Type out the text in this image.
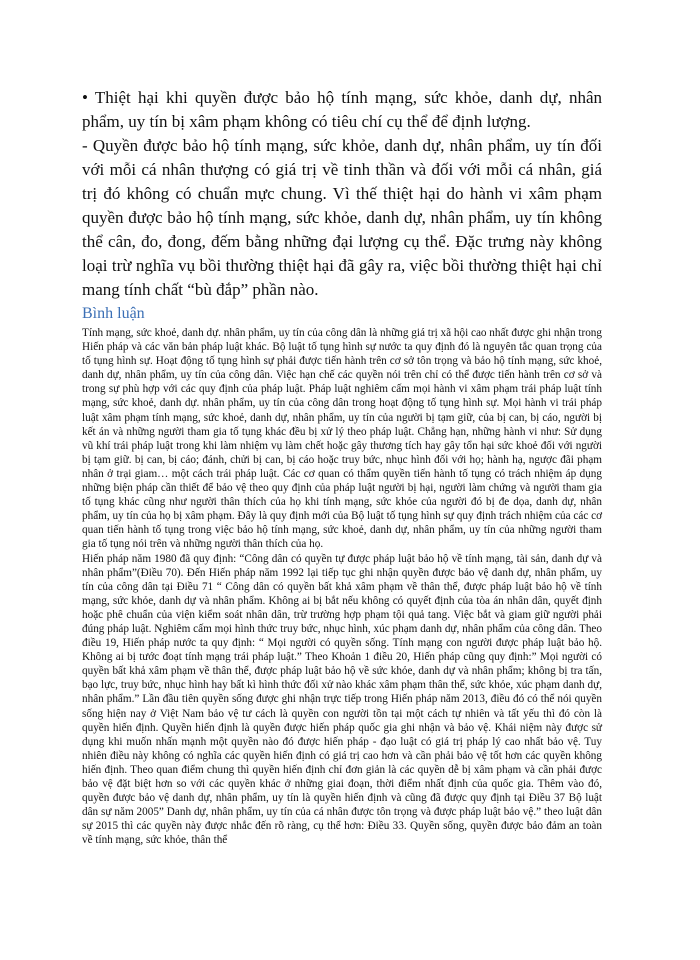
• Thiệt hại khi quyền được bảo hộ tính mạng, sức khỏe, danh dự, nhân phẩm, uy tín bị xâm phạm không có tiêu chí cụ thể để định lượng.

- Quyền được bảo hộ tính mạng, sức khỏe, danh dự, nhân phẩm, uy tín đối với mỗi cá nhân thượng có giá trị về tinh thần và đối với mỗi cá nhân, giá trị đó không có chuẩn mực chung. Vì thế thiệt hại do hành vi xâm phạm quyền được bảo hộ tính mạng, sức khỏe, danh dự, nhân phẩm, uy tín không thể cân, đo, đong, đếm bằng những đại lượng cụ thể. Đặc trưng này không loại trừ nghĩa vụ bồi thường thiệt hại đã gây ra, việc bồi thường thiệt hại chỉ mang tính chất “bù đắp” phần nào.

Bình luận

Tính mạng, sức khoẻ, danh dự. nhân phẩm, uy tín của công dân là những giá trị xã hội cao nhất được ghi nhận trong Hiến pháp và các văn bản pháp luật khác. Bộ luật tố tụng hình sự nước ta quy định đó là nguyên tắc quan trọng của tố tụng hình sự. Hoạt động tố tụng hình sự phải được tiến hành trên cơ sở tôn trọng và bảo hộ tính mạng, sức khoẻ, danh dự, nhân phẩm, uy tín của công dân. Việc hạn chế các quyền nói trên chỉ có thể được tiến hành trên cơ sở và trong sự phù hợp với các quy định của pháp luật. Pháp luật nghiêm cấm mọi hành vi xâm phạm trái pháp luật tính mạng, sức khoẻ, danh dự. nhân phẩm, uy tín của công dân trong hoạt động tố tụng hình sự. Mọi hành vi trái pháp luật xâm phạm tính mạng, sức khoẻ, danh dự, nhân phẩm, uy tín của người bị tạm giữ, của bị can, bị cáo, người bị kết án và những người tham gia tố tụng khác đều bị xử lý theo pháp luật. Chẳng hạn, những hành vi như: Sử dụng vũ khí trái pháp luật trong khi làm nhiệm vụ làm chết hoặc gây thương tích hay gây tổn hại sức khoẻ đối với người bị tạm giữ. bị can, bị cáo; đánh, chửi bị can, bị cáo hoặc truy bức, nhục hình đối với họ; hành hạ, ngược đãi phạm nhân ở trại giam… một cách trái pháp luật. Các cơ quan có thẩm quyền tiến hành tố tụng có trách nhiệm áp dụng những biện pháp cần thiết để bảo vệ theo quy định của pháp luật người bị hại, người làm chứng và người tham gia tố tụng khác cũng như người thân thích của họ khi tính mạng, sức khỏe của người đó bị đe dọa, danh dự, nhân phẩm, uy tín của họ bị xâm phạm. Đây là quy định mới của Bộ luật tố tụng hình sự quy định trách nhiệm của các cơ quan tiến hành tố tụng trong việc bảo hộ tính mạng, sức khoẻ, danh dự, nhân phẩm, uy tín của những người tham gia tố tụng nói trên và những người thân thích của họ.

Hiến pháp năm 1980 đã quy định: “Công dân có quyền tự được pháp luật bảo hộ về tính mạng, tài sản, danh dự và nhân phẩm”(Điều 70). Đến Hiến pháp năm 1992 lại tiếp tục ghi nhận quyền được bảo vệ danh dự, nhân phẩm, uy tín của công dân tại Điều 71 “ Công dân có quyền bất khả xâm phạm về thân thể, được pháp luật bảo hộ về tính mạng, sức khỏe, danh dự và nhân phẩm. Không ai bị bắt nếu không có quyết định của tòa án nhân dân, quyết định hoặc phê chuẩn của viện kiểm soát nhân dân, trừ trường hợp phạm tội quả tang. Việc bắt và giam giữ người phải đúng pháp luật. Nghiêm cấm mọi hình thức truy bức, nhục hình, xúc phạm danh dự, nhân phẩm của công dân. Theo điều 19, Hiến pháp nước ta quy định: “ Mọi người có quyền sống. Tính mạng con người được pháp luật bảo hộ. Không ai bị tước đoạt tính mạng trái pháp luật.” Theo Khoản 1 điều 20, Hiến pháp cũng quy định:” Mọi người có quyền bất khả xâm phạm về thân thể, được pháp luật bảo hộ về sức khỏe, danh dự và nhân phẩm; không bị tra tấn, bạo lực, truy bức, nhục hình hay bất kì hình thức đối xử nào khác xâm phạm thân thể, sức khỏe, xúc phạm danh dự, nhân phẩm.” Lần đầu tiên quyền sống được ghi nhận trực tiếp trong Hiến pháp năm 2013, điều đó có thể nói quyền sống hiện nay ở Việt Nam bảo vệ tư cách là quyền con người tồn tại một cách tự nhiên và tất yếu thì đó còn là quyền hiến định. Quyền hiến định là quyền được hiến pháp quốc gia ghi nhận và bảo vệ. Khái niệm này được sử dụng khi muốn nhấn mạnh một quyền nào đó được hiến pháp - đạo luật có giá trị pháp lý cao nhất bảo vệ. Tuy nhiên điều này không có nghĩa các quyền hiến định có giá trị cao hơn và cần phải bảo vệ tốt hơn các quyền không hiến định. Theo quan điểm chung thì quyền hiến định chỉ đơn giản là các quyền dễ bị xâm phạm và cần phải được bảo vệ đặt biệt hơn so với các quyền khác ở những giai đoạn, thời điểm nhất định của quốc gia. Thêm vào đó, quyền được bảo vệ danh dự, nhân phẩm, uy tín là quyền hiến định và cũng đã được quy định tại Điều 37 Bộ luật dân sự năm 2005” Danh dự, nhân phẩm, uy tín của cá nhân được tôn trọng và được pháp luật bảo vệ.” theo luật dân sự 2015 thì các quyền này được nhắc đến rõ ràng, cụ thể hơn: Điều 33. Quyền sống, quyền được bảo đảm an toàn về tính mạng, sức khỏe, thân thể
